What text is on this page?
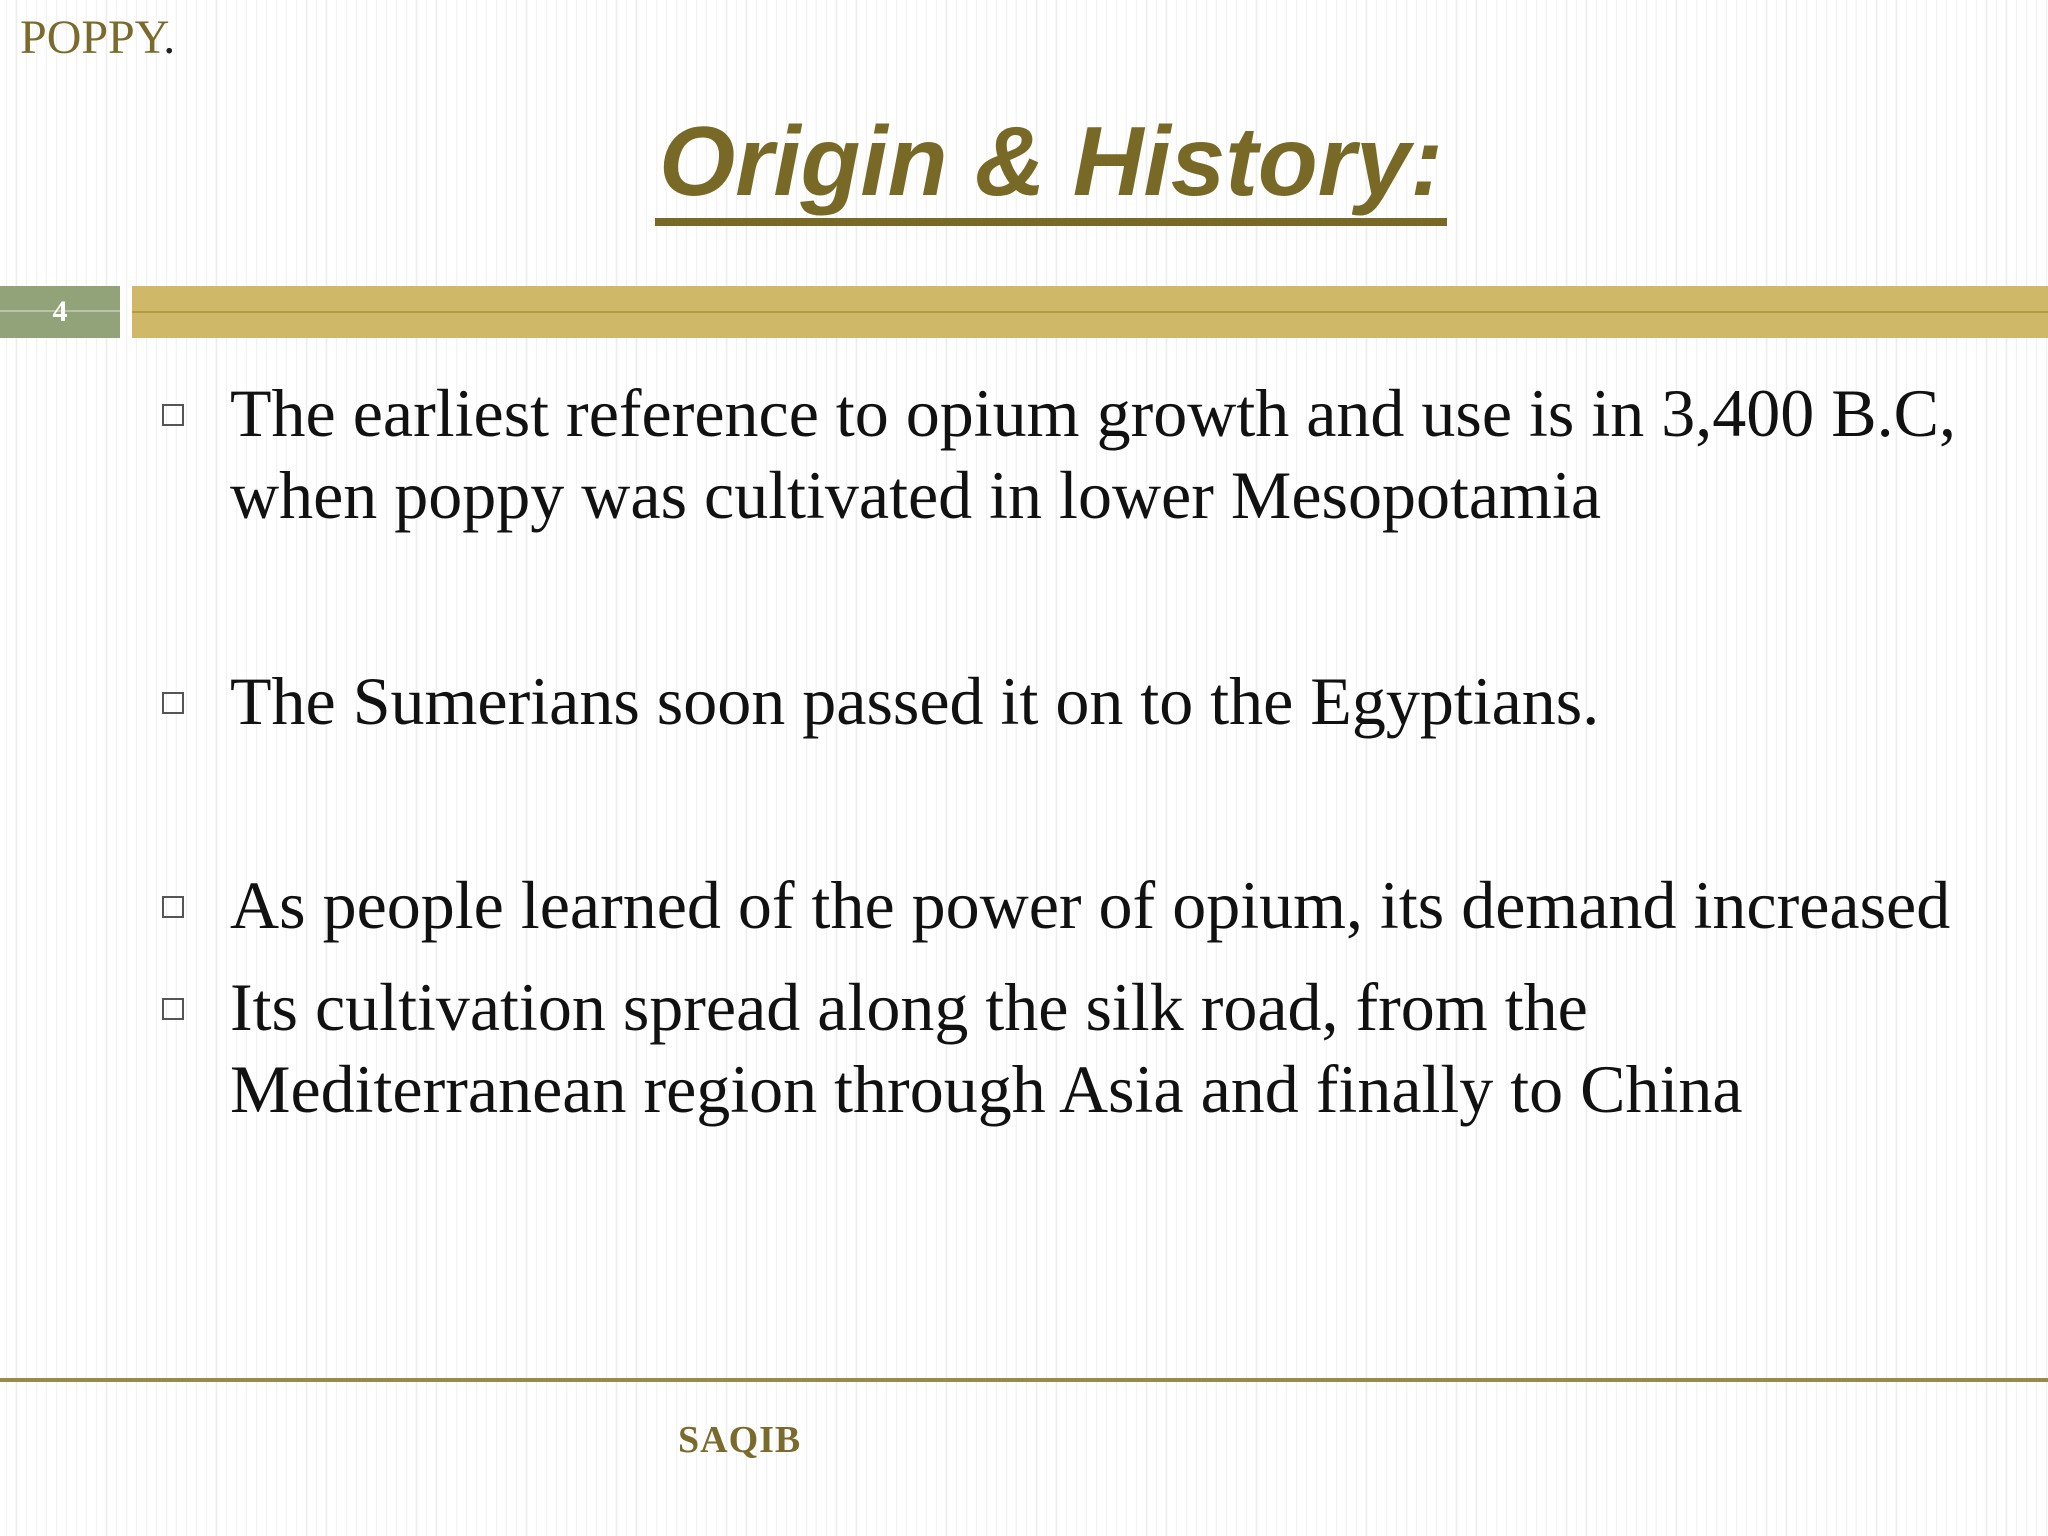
POPPY.
Origin & History:
4
The earliest reference to opium growth and use is in 3,400 B.C, when poppy was cultivated in lower Mesopotamia
The Sumerians soon passed it on to the Egyptians.
As people learned of the power of opium, its demand increased
Its cultivation spread along the silk road, from the Mediterranean region through Asia and finally to China
SAQIB
